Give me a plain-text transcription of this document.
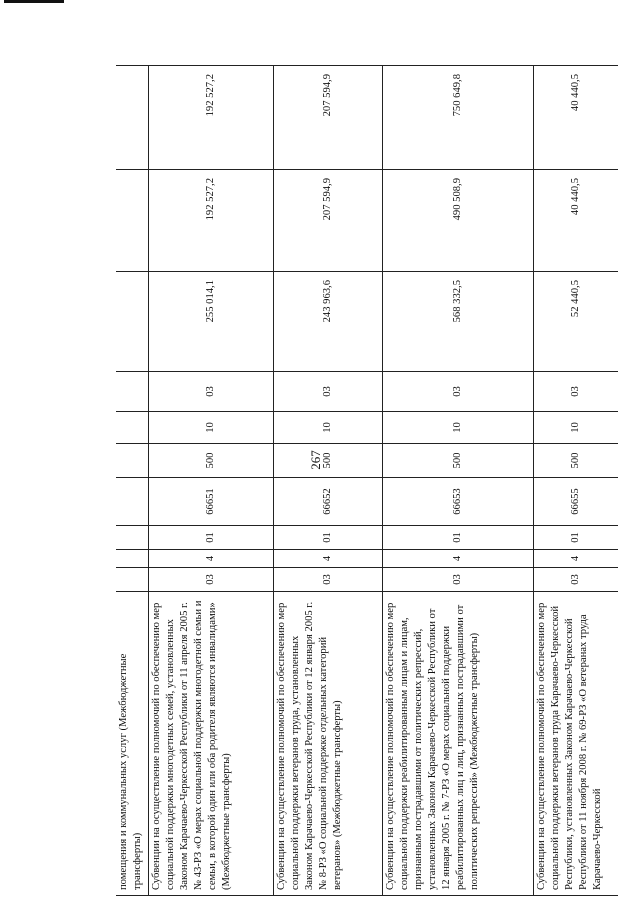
267
помещения и коммунальных услуг (Межбюджетные трансферты)										
Субвенции на осуществление полномочий по обеспечению мер социальной поддержки многодетных семей, установленных Законом Карачаево-Черкесской Республики от 11 апреля 2005 г. № 43-РЗ «О мерах социальной поддержки многодетной семьи и семьи, в которой один или оба родителя являются инвалидами» (Межбюджетные трансферты)	03	4	01	66651	500	10	03	255 014,1	192 527,2	192 527,2
Субвенции на осуществление полномочий по обеспечению мер социальной поддержки ветеранов труда, установленных Законом Карачаево-Черкесской Республики от 12 января 2005 г. № 8-РЗ «О социальной поддержке отдельных категорий ветеранов» (Межбюджетные трансферты)	03	4	01	66652	500	10	03	243 963,6	207 594,9	207 594,9
Субвенции на осуществление полномочий по обеспечению мер социальной поддержки реабилитированным лицам и лицам, признанным пострадавшими от политических репрессий, установленных Законом Карачаево-Черкесской Республики от 12 января 2005 г. № 7-РЗ «О мерах социальной поддержки реабилитированных лиц и лиц, признанных пострадавшими от политических репрессий» (Межбюджетные трансферты)	03	4	01	66653	500	10	03	568 332,5	490 508,9	750 649,8
Субвенции на осуществление полномочий по обеспечению мер социальной поддержки ветеранов труда Карачаево-Черкесской Республики, установленных Законом Карачаево-Черкесской Республики от 11 ноября 2008 г. № 69-РЗ «О ветеранах труда Карачаево-Черкесской	03	4	01	66655	500	10	03	52 440,5	40 440,5	40 440,5
